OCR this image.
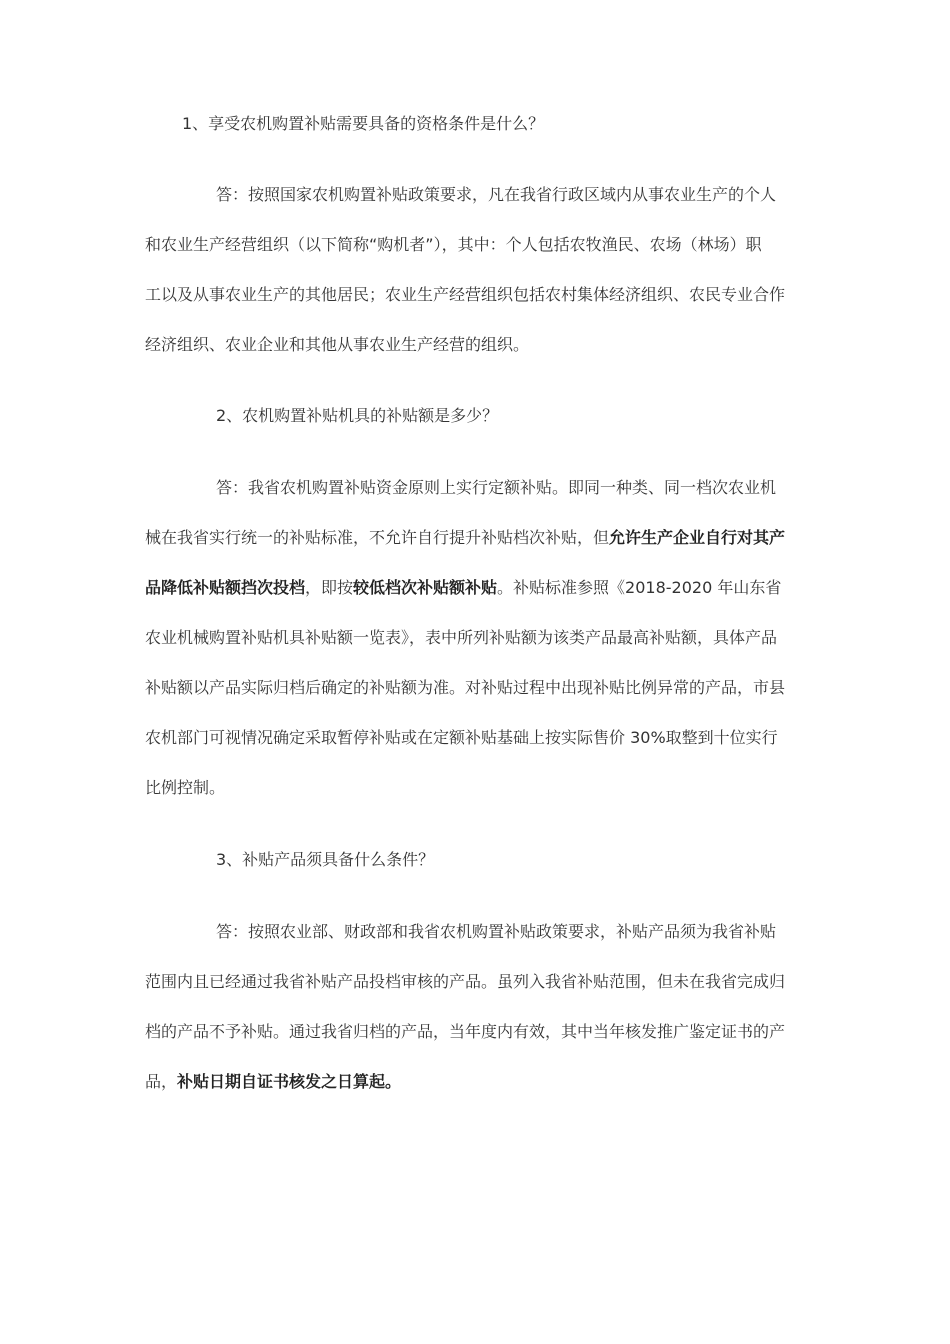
1、享受农机购置补贴需要具备的资格条件是什么？
答：按照国家农机购置补贴政策要求，凡在我省行政区域内从事农业生产的个人
和农业生产经营组织（以下简称“购机者”），其中：个人包括农牧渔民、农场（林场）职
工以及从事农业生产的其他居民；农业生产经营组织包括农村集体经济组织、农民专业合作
经济组织、农业企业和其他从事农业生产经营的组织。
2、农机购置补贴机具的补贴额是多少？
答：我省农机购置补贴资金原则上实行定额补贴。即同一种类、同一档次农业机
械在我省实行统一的补贴标准，不允许自行提升补贴档次补贴，但允许生产企业自行对其产
品降低补贴额挡次投档，即按较低档次补贴额补贴。补贴标准参照《2018-2020 年山东省
农业机械购置补贴机具补贴额一览表》，表中所列补贴额为该类产品最高补贴额，具体产品
补贴额以产品实际归档后确定的补贴额为准。对补贴过程中出现补贴比例异常的产品，市县
农机部门可视情况确定采取暂停补贴或在定额补贴基础上按实际售价 30%取整到十位实行
比例控制。
3、补贴产品须具备什么条件？
答：按照农业部、财政部和我省农机购置补贴政策要求，补贴产品须为我省补贴
范围内且已经通过我省补贴产品投档审核的产品。虽列入我省补贴范围，但未在我省完成归
档的产品不予补贴。通过我省归档的产品，当年度内有效，其中当年核发推广鉴定证书的产
品，补贴日期自证书核发之日算起。
